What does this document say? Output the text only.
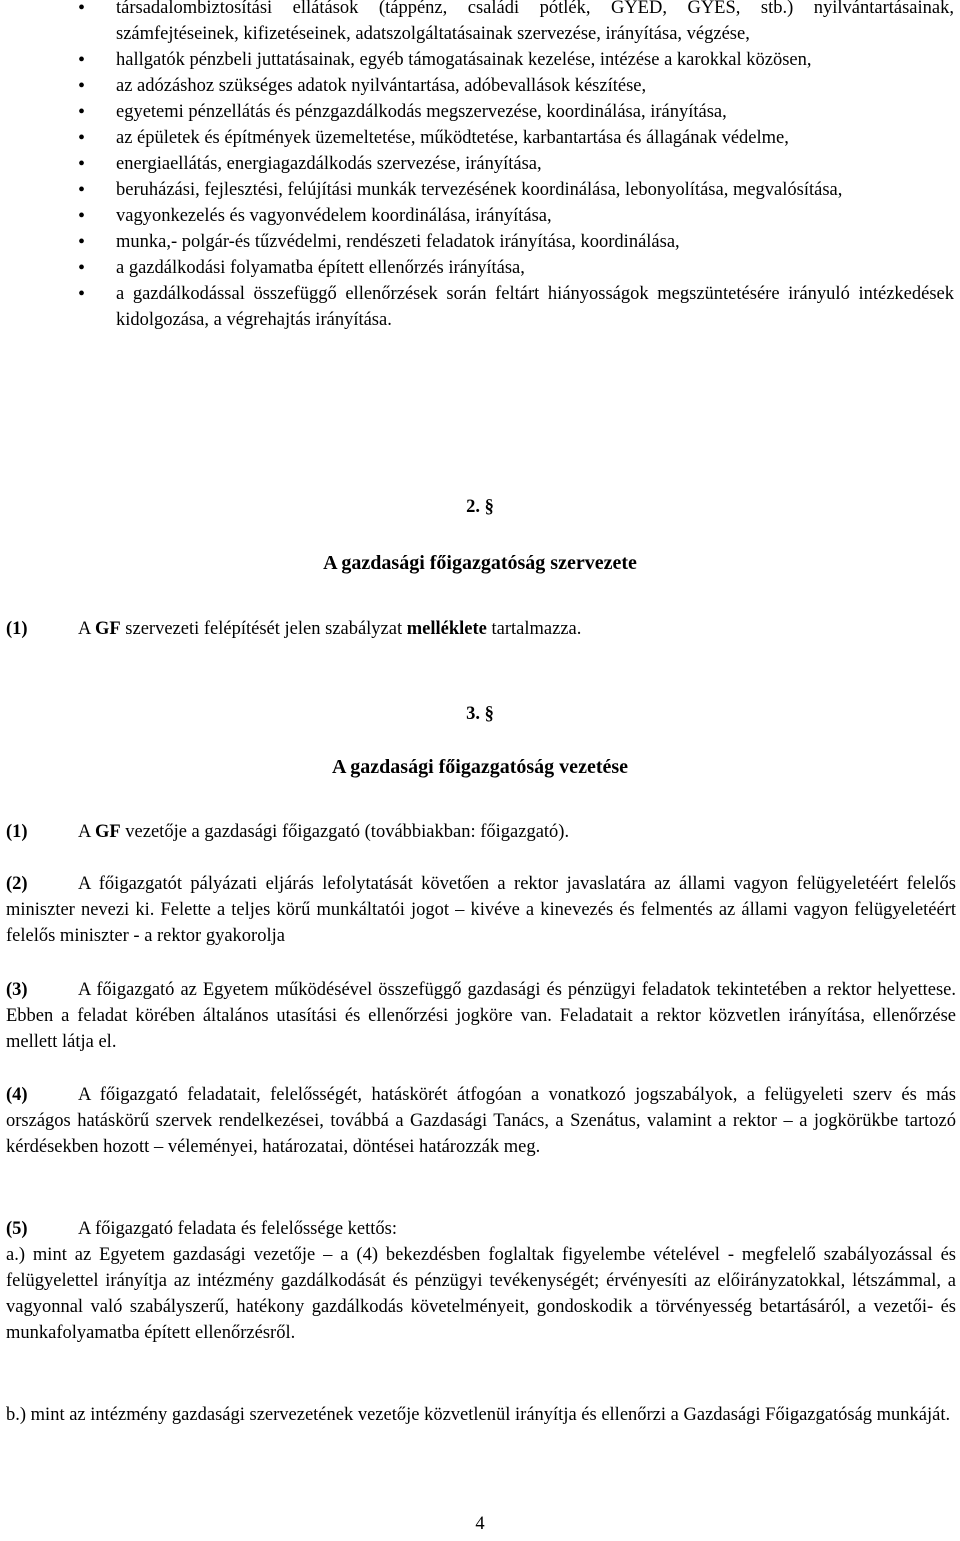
• társadalombiztosítási ellátások (táppénz, családi pótlék, GYED, GYES, stb.) nyilvántartásainak, számfejtéseinek, kifizetéseinek, adatszolgáltatásainak szervezése, irányítása, végzése,
• hallgatók pénzbeli juttatásainak, egyéb támogatásainak kezelése, intézése a karokkal közösen,
• az adózáshoz szükséges adatok nyilvántartása, adóbevallások készítése,
• egyetemi pénzellátás és pénzgazdálkodás megszervezése, koordinálása, irányítása,
• az épületek és építmények üzemeltetése, működtetése, karbantartása és állagának védelme,
• energiaellátás, energiagazdálkodás szervezése, irányítása,
• beruházási, fejlesztési, felújítási munkák tervezésének koordinálása, lebonyolítása, megvalósítása,
• vagyonkezelés és vagyonvédelem koordinálása, irányítása,
• munka,- polgár-és tűzvédelmi, rendészeti feladatok irányítása, koordinálása,
• a gazdálkodási folyamatba épített ellenőrzés irányítása,
• a gazdálkodással összefüggő ellenőrzések során feltárt hiányosságok megszüntetésére irányuló intézkedések kidolgozása, a végrehajtás irányítása.
2. §
A gazdasági főigazgatóság szervezete

(1)	A GF szervezeti felépítését jelen szabályzat melléklete tartalmazza.

3. §
A gazdasági főigazgatóság vezetése

(1)	A GF vezetője a gazdasági főigazgató (továbbiakban: főigazgató).

(2)	A főigazgatót pályázati eljárás lefolytatását követően a rektor javaslatára az állami vagyon felügyeletéért felelős miniszter nevezi ki. Felette a teljes körű munkáltatói jogot – kivéve a kinevezés és felmentés az állami vagyon felügyeletéért felelős miniszter - a rektor gyakorolja

(3)	A főigazgató az Egyetem működésével összefüggő gazdasági és pénzügyi feladatok tekintetében a rektor helyettese. Ebben a feladat körében általános utasítási és ellenőrzési jogköre van. Feladatait a rektor közvetlen irányítása, ellenőrzése mellett látja el.

(4)	A főigazgató feladatait, felelősségét, hatáskörét átfogóan a vonatkozó jogszabályok, a felügyeleti szerv és más országos hatáskörű szervek rendelkezései, továbbá a Gazdasági Tanács, a Szenátus, valamint a rektor – a jogkörükbe tartozó kérdésekben hozott – véleményei, határozatai, döntései határozzák meg.

(5)	A főigazgató feladata és felelőssége kettős:

a.) mint az Egyetem gazdasági vezetője – a (4) bekezdésben foglaltak figyelembe vételével - megfelelő szabályozással és felügyelettel irányítja az intézmény gazdálkodását és pénzügyi tevékenységét; érvényesíti az előirányzatokkal, létszámmal, a vagyonnal való szabályszerű, hatékony gazdálkodás követelményeit, gondoskodik a törvényesség betartásáról, a vezetői- és munkafolyamatba épített ellenőrzésről.

b.) mint az intézmény gazdasági szervezetének vezetője közvetlenül irányítja és ellenőrzi a Gazdasági Főigazgatóság munkáját.

4
